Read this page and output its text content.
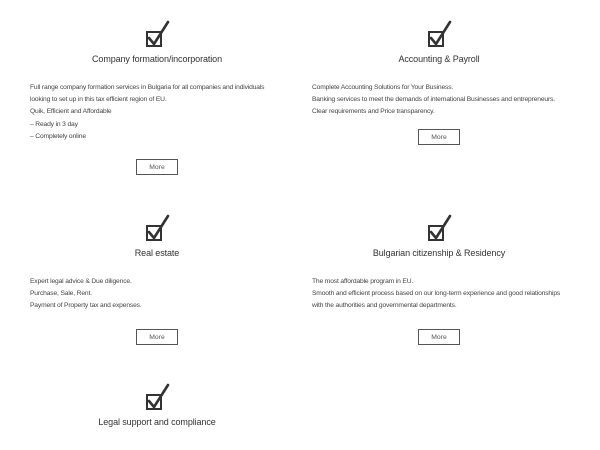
Company formation/incorporation
Full range company formation services in Bulgaria for all companies and individuals
looking to set up in this tax efficient region of EU.
Quik, Efficient and Affordable
– Ready in 3 day
– Completely online
More
Accounting & Payroll
Complete Accounting Solutions for Your Business.
Banking services to meet the demands of international Businesses and entrepreneurs.
Clear requirements and Price transparency.
More
Real estate
Expert legal advice & Due diligence.
Purchase, Sale, Rent.
Payment of Property tax and expenses.
More
Bulgarian citizenship & Residency
The most affordable program in EU.
Smooth and efficient process based on our long-term experience and good relationships
with the authorities and governmental departments.
More
Legal support and compliance
